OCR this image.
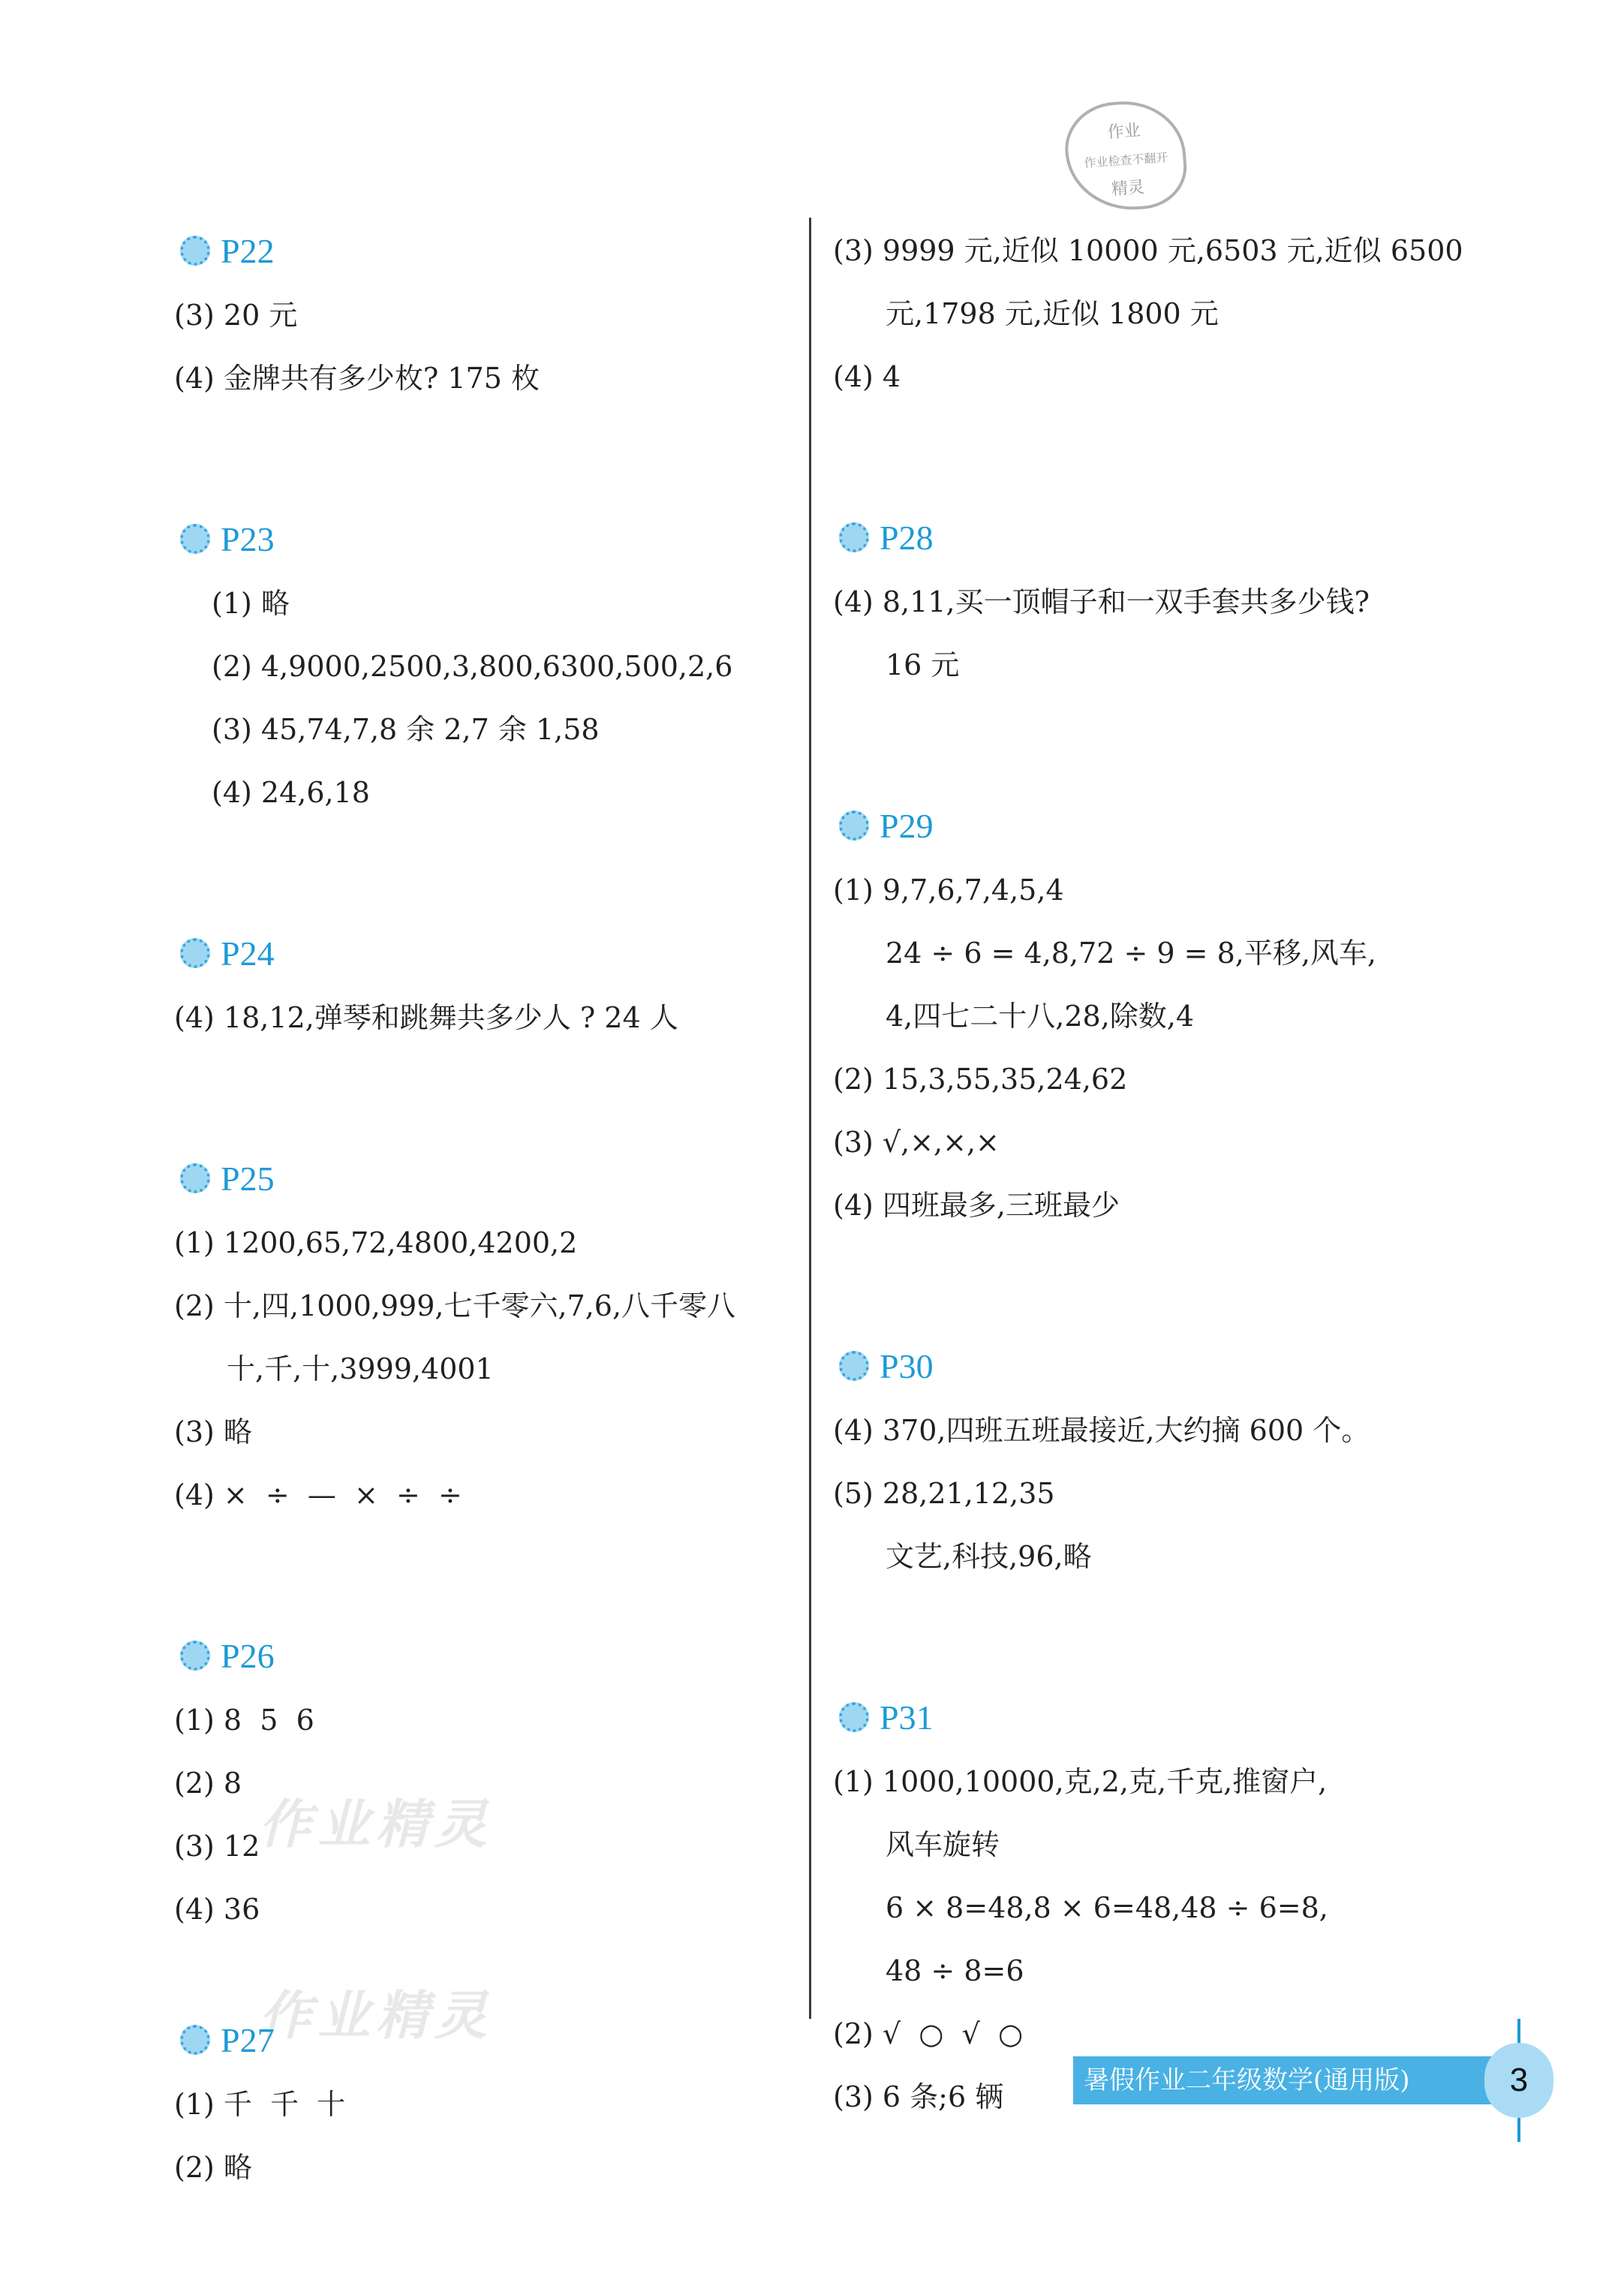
作业
作业检查不翻开
精灵
作业精灵
作业精灵
P22
(3) 20 元
(4) 金牌共有多少枚? 175 枚
P23
(1) 略
(2) 4,9000,2500,3,800,6300,500,2,6
(3) 45,74,7,8 余 2,7 余 1,58
(4) 24,6,18
P24
(4) 18,12,弹琴和跳舞共多少人 ? 24 人
P25
(1) 1200,65,72,4800,4200,2
(2) 十,四,1000,999,七千零六,7,6,八千零八
十,千,十,3999,4001
(3) 略
(4) ×  ÷  —  ×  ÷  ÷
P26
(1) 8  5  6
(2) 8
(3) 12
(4) 36
P27
(1) 千  千  十
(2) 略
(3) 9999 元,近似 10000 元,6503 元,近似 6500
元,1798 元,近似 1800 元
(4) 4
P28
(4) 8,11,买一顶帽子和一双手套共多少钱?
16 元
P29
(1) 9,7,6,7,4,5,4
24 ÷ 6 = 4,8,72 ÷ 9 = 8,平移,风车,
4,四七二十八,28,除数,4
(2) 15,3,55,35,24,62
(3) √,×,×,×
(4) 四班最多,三班最少
P30
(4) 370,四班五班最接近,大约摘 600 个。
(5) 28,21,12,35
文艺,科技,96,略
P31
(1) 1000,10000,克,2,克,千克,推窗户,
风车旋转
6 × 8=48,8 × 6=48,48 ÷ 6=8,
48 ÷ 8=6
(2) √  ○  √  ○
(3) 6 条;6 辆	暑假作业二年级数学(通用版)	3
